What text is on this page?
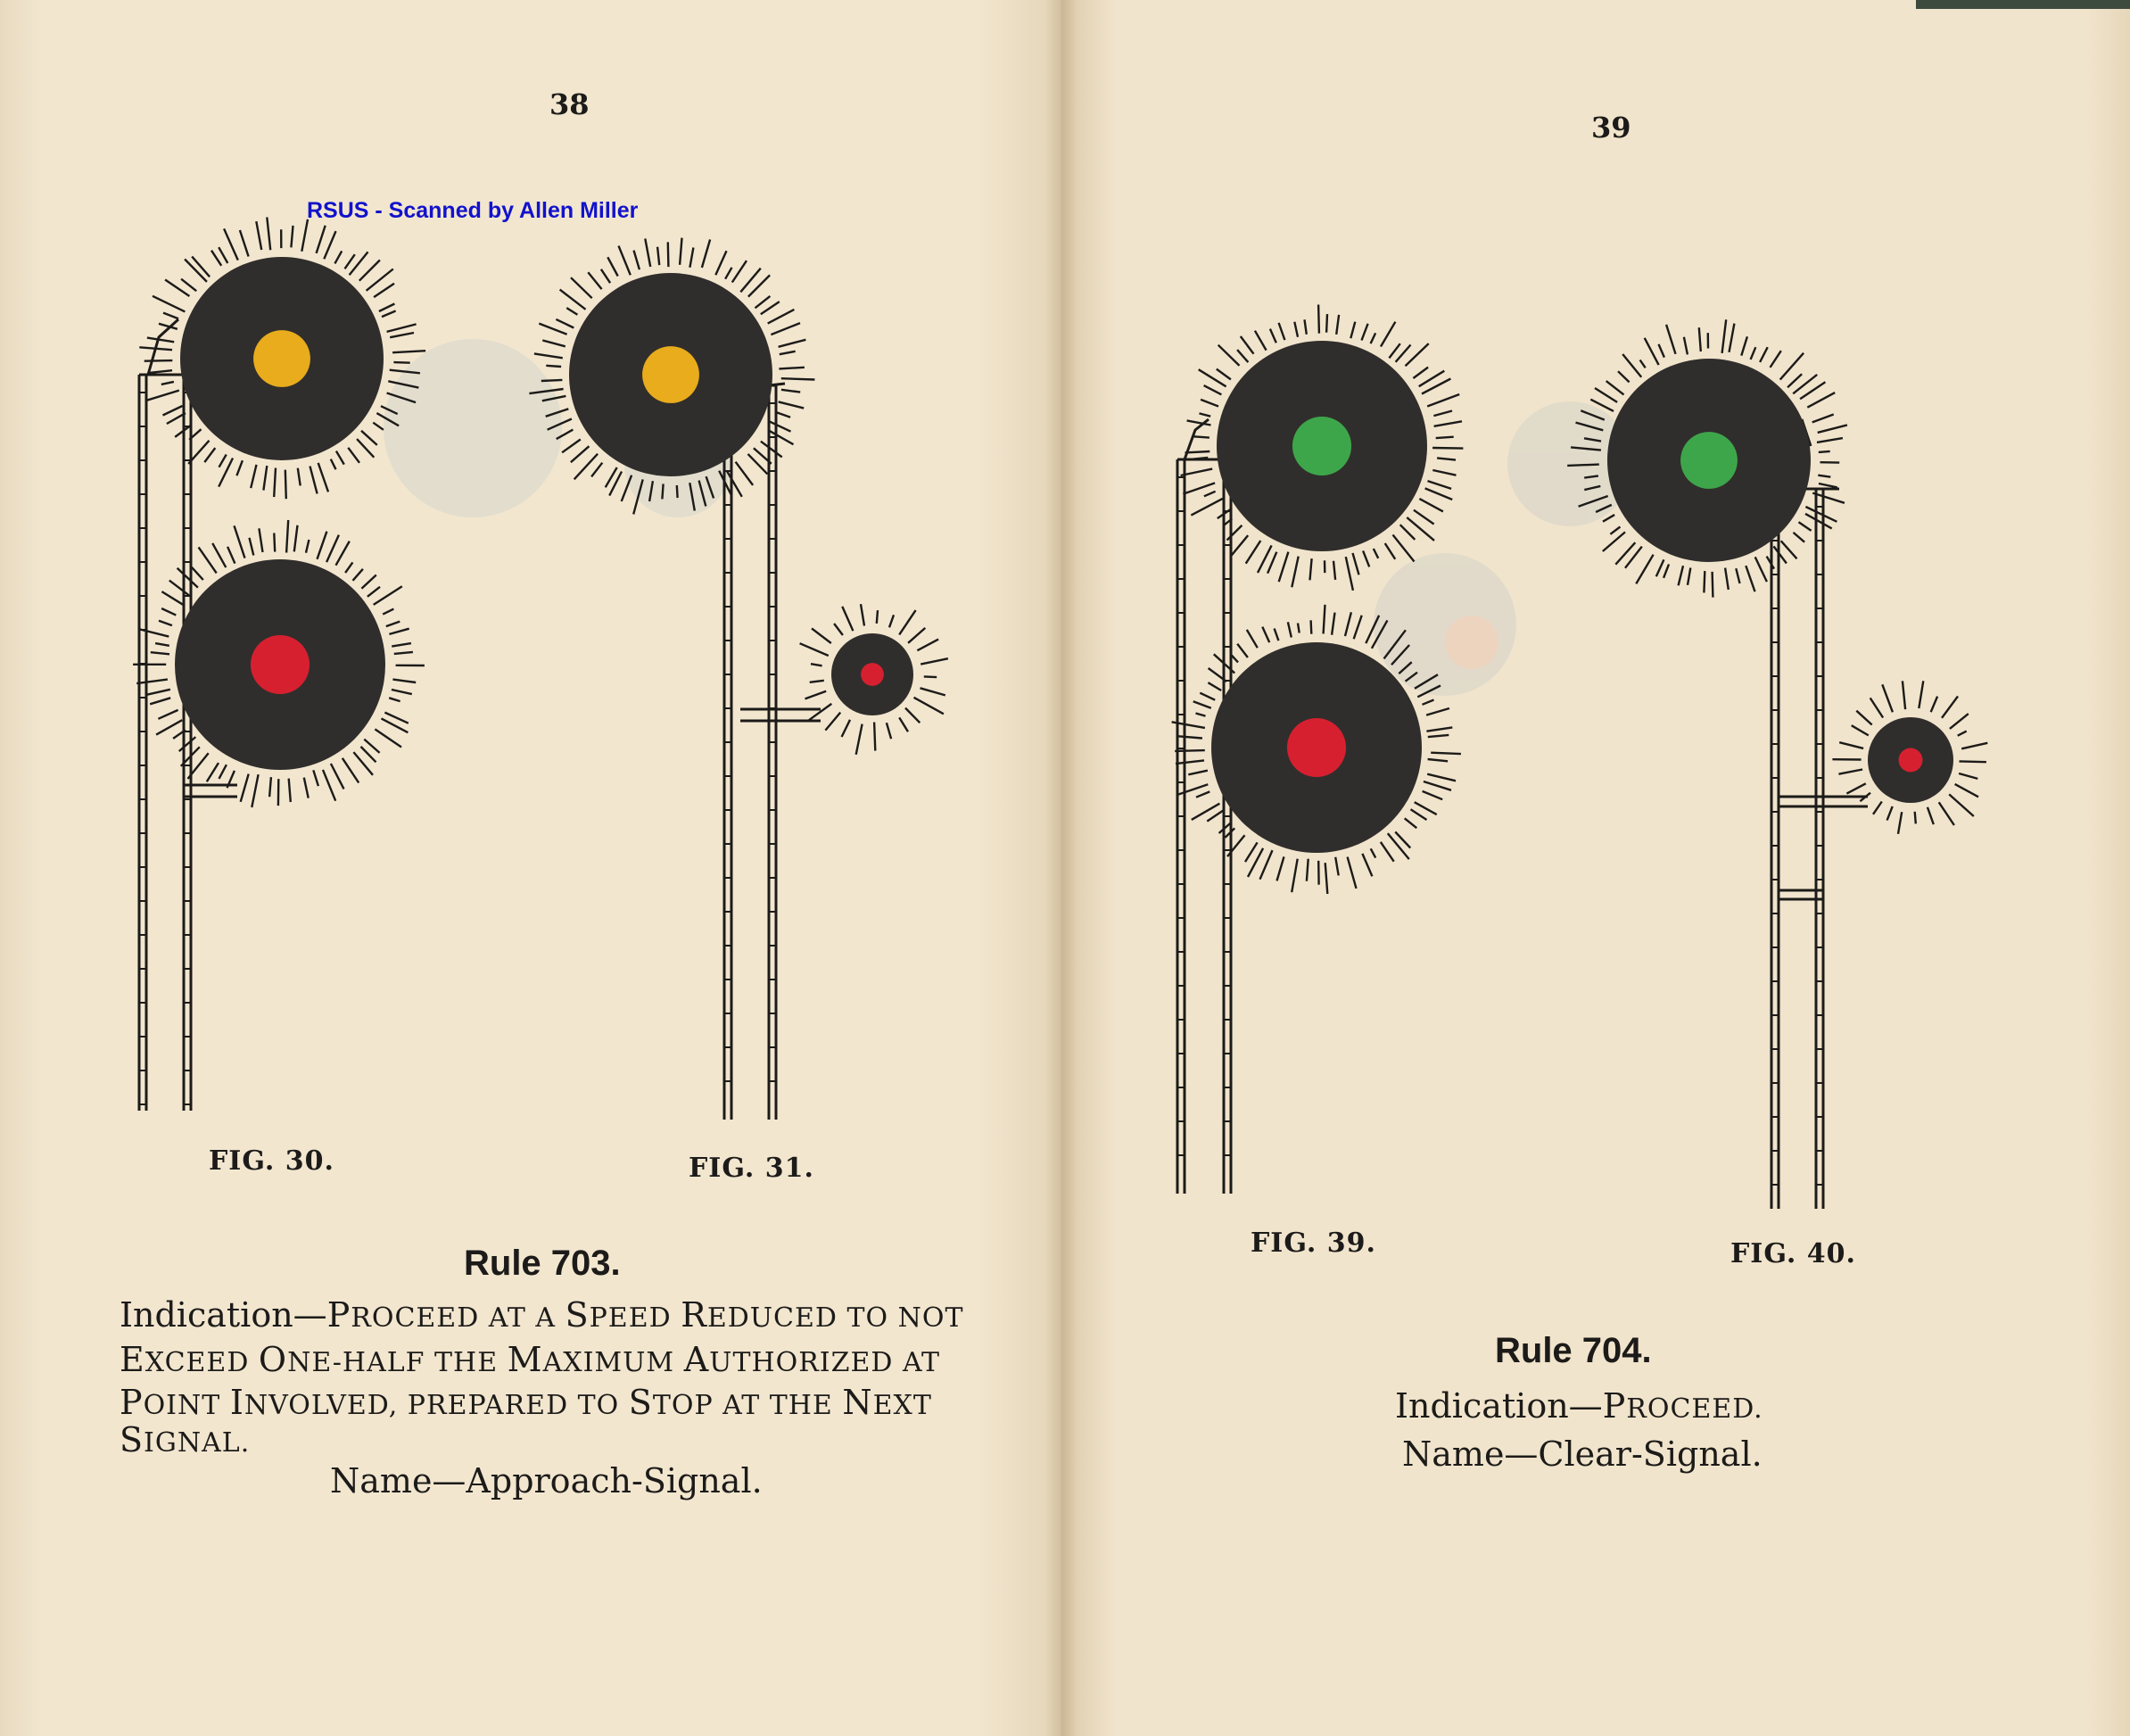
38
RSUS - Scanned by Allen Miller
FIG. 30.	FIG. 31.
Rule 703.
Indication—PROCEED AT A SPEED REDUCED TO NOT
EXCEED ONE-HALF THE MAXIMUM AUTHORIZED AT
POINT INVOLVED, PREPARED TO STOP AT THE NEXT
SIGNAL.
Name—Approach-Signal.
39
FIG. 39.	FIG. 40.
Rule 704.
Indication—PROCEED.
Name—Clear-Signal.
